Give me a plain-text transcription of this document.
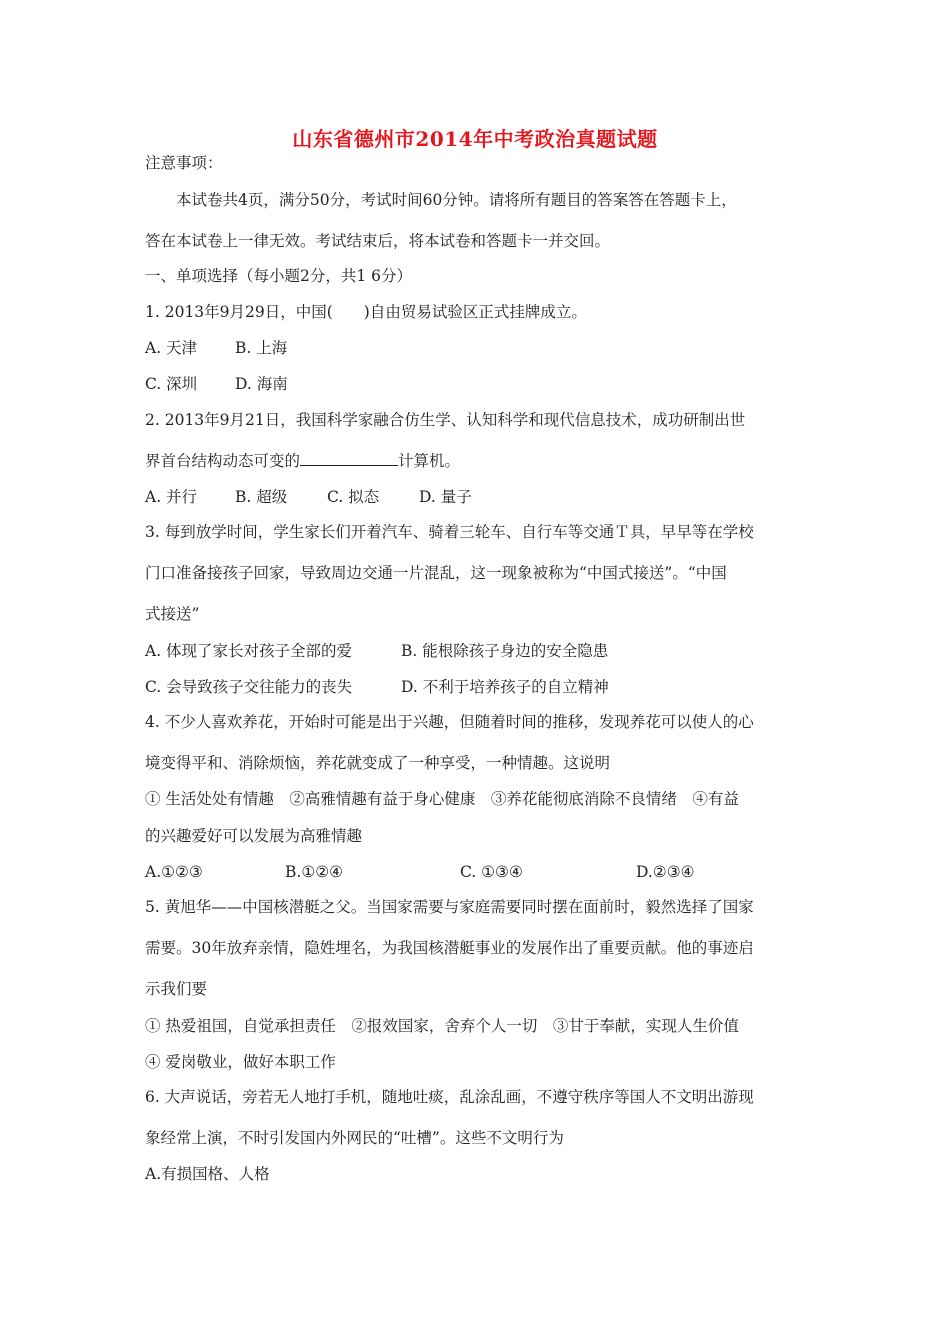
山东省德州市2014年中考政治真题试题
注意事项：
本试卷共4页，满分50分，考试时间60分钟。请将所有题目的答案答在答题卡上，
答在本试卷上一律无效。考试结束后，将本试卷和答题卡一并交回。
一、单项选择（每小题2分，共1 6分）
1. 2013年9月29日，中国(　　)自由贸易试验区正式挂牌成立。
A. 天津 B. 上海
C. 深圳 D. 海南
2. 2013年9月21日，我国科学家融合仿生学、认知科学和现代信息技术，成功研制出世
界首台结构动态可变的	计算机。
A. 并行 B. 超级	C. 拟态	D. 量子
3. 每到放学时间，学生家长们开着汽车、骑着三轮车、自行车等交通Ｔ具，早早等在学校
门口准备接孩子回家，导致周边交通一片混乱，这一现象被称为“中国式接送”。“中国
式接送”
A. 体现了家长对孩子全部的爱	B. 能根除孩子身边的安全隐患
C. 会导致孩子交往能力的丧失	D. 不利于培养孩子的自立精神
4. 不少人喜欢养花，开始时可能是出于兴趣，但随着时间的推移，发现养花可以使人的心
境变得平和、消除烦恼，养花就变成了一种享受，一种情趣。这说明
① 生活处处有情趣　②高雅情趣有益于身心健康　③养花能彻底消除不良情绪　④有益
的兴趣爱好可以发展为高雅情趣
A.①②③	B.①②④	C. ①③④	D.②③④
5. 黄旭华——中国核潜艇之父。当国家需要与家庭需要同时摆在面前时，毅然选择了国家
需要。30年放弃亲情，隐姓埋名，为我国核潜艇事业的发展作出了重要贡献。他的事迹启
示我们要
① 热爱祖国，自觉承担责任　②报效国家，舍弃个人一切　③甘于奉献，实现人生价值
④ 爱岗敬业，做好本职工作
6. 大声说话，旁若无人地打手机，随地吐痰，乱涂乱画，不遵守秩序等国人不文明出游现
象经常上演，不时引发国内外网民的“吐槽”。这些不文明行为
A.有损国格、人格
